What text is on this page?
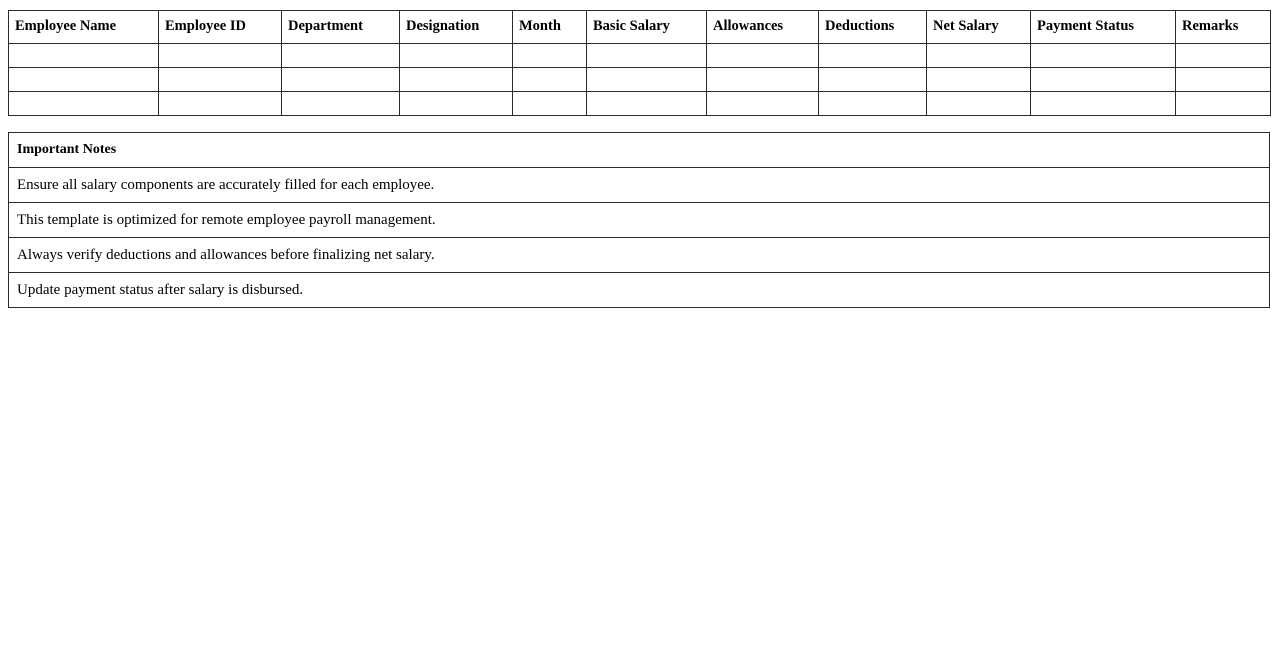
Employee Name	Employee ID	Department	Designation	Month	Basic Salary	Allowances	Deductions	Net Salary	Payment Status	Remarks

Important Notes
Ensure all salary components are accurately filled for each employee.
This template is optimized for remote employee payroll management.
Always verify deductions and allowances before finalizing net salary.
Update payment status after salary is disbursed.
